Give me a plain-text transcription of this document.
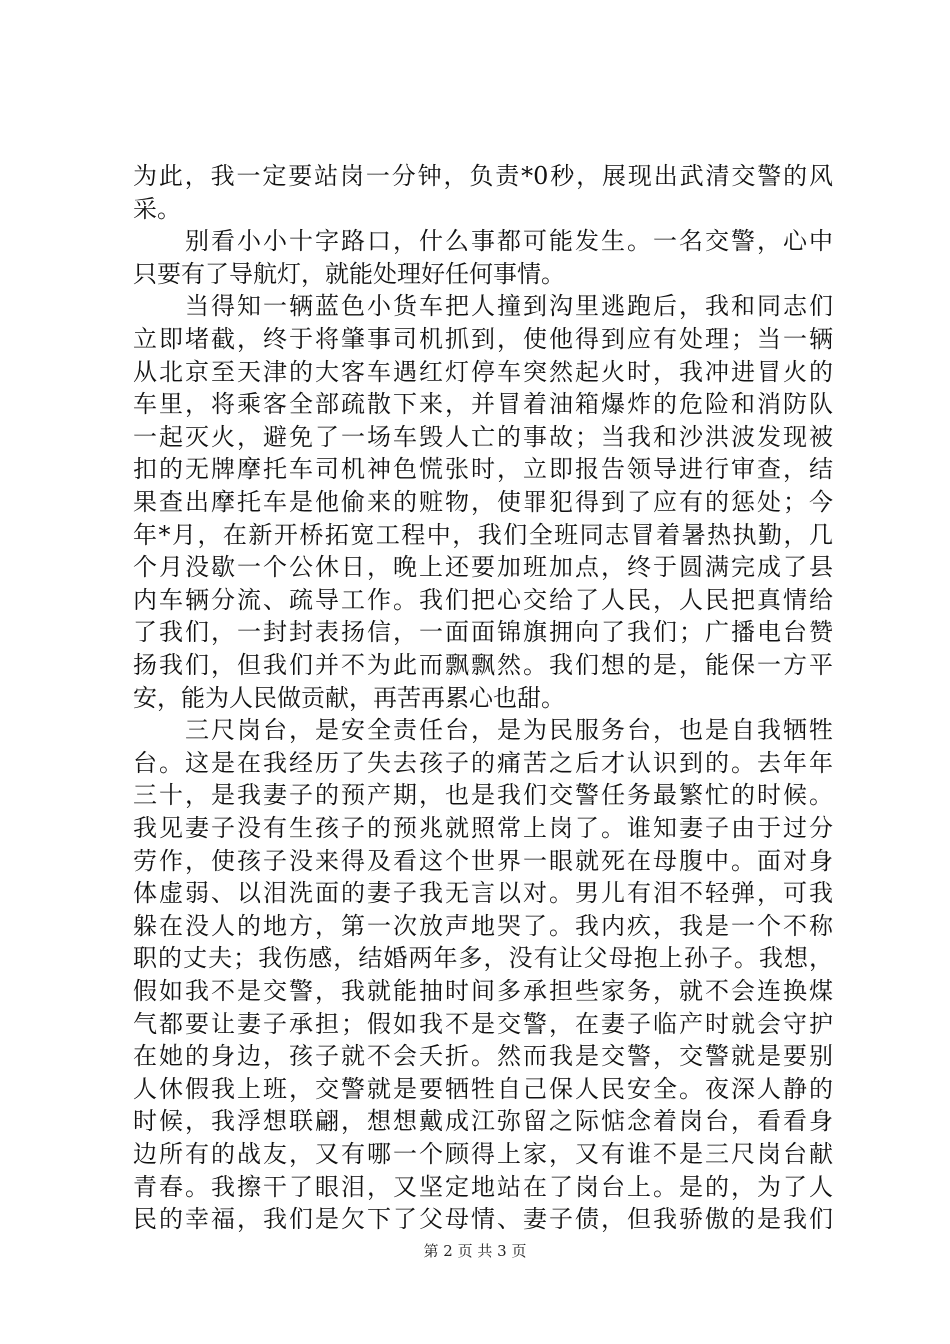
为此，我一定要站岗一分钟，负责*0秒，展现出武清交警的风
采。
　　别看小小十字路口，什么事都可能发生。一名交警，心中
只要有了导航灯，就能处理好任何事情。
　　当得知一辆蓝色小货车把人撞到沟里逃跑后，我和同志们
立即堵截，终于将肇事司机抓到，使他得到应有处理；当一辆
从北京至天津的大客车遇红灯停车突然起火时，我冲进冒火的
车里，将乘客全部疏散下来，并冒着油箱爆炸的危险和消防队
一起灭火，避免了一场车毁人亡的事故；当我和沙洪波发现被
扣的无牌摩托车司机神色慌张时，立即报告领导进行审查，结
果查出摩托车是他偷来的赃物，使罪犯得到了应有的惩处；今
年*月，在新开桥拓宽工程中，我们全班同志冒着暑热执勤，几
个月没歇一个公休日，晚上还要加班加点，终于圆满完成了县
内车辆分流、疏导工作。我们把心交给了人民，人民把真情给
了我们，一封封表扬信，一面面锦旗拥向了我们；广播电台赞
扬我们，但我们并不为此而飘飘然。我们想的是，能保一方平
安，能为人民做贡献，再苦再累心也甜。
　　三尺岗台，是安全责任台，是为民服务台，也是自我牺牲
台。这是在我经历了失去孩子的痛苦之后才认识到的。去年年
三十，是我妻子的预产期，也是我们交警任务最繁忙的时候。
我见妻子没有生孩子的预兆就照常上岗了。谁知妻子由于过分
劳作，使孩子没来得及看这个世界一眼就死在母腹中。面对身
体虚弱、以泪洗面的妻子我无言以对。男儿有泪不轻弹，可我
躲在没人的地方，第一次放声地哭了。我内疚，我是一个不称
职的丈夫；我伤感，结婚两年多，没有让父母抱上孙子。我想，
假如我不是交警，我就能抽时间多承担些家务，就不会连换煤
气都要让妻子承担；假如我不是交警，在妻子临产时就会守护
在她的身边，孩子就不会夭折。然而我是交警，交警就是要别
人休假我上班，交警就是要牺牲自己保人民安全。夜深人静的
时候，我浮想联翩，想想戴成江弥留之际惦念着岗台，看看身
边所有的战友，又有哪一个顾得上家，又有谁不是三尺岗台献
青春。我擦干了眼泪，又坚定地站在了岗台上。是的，为了人
民的幸福，我们是欠下了父母情、妻子债，但我骄傲的是我们
第 2 页 共 3 页
